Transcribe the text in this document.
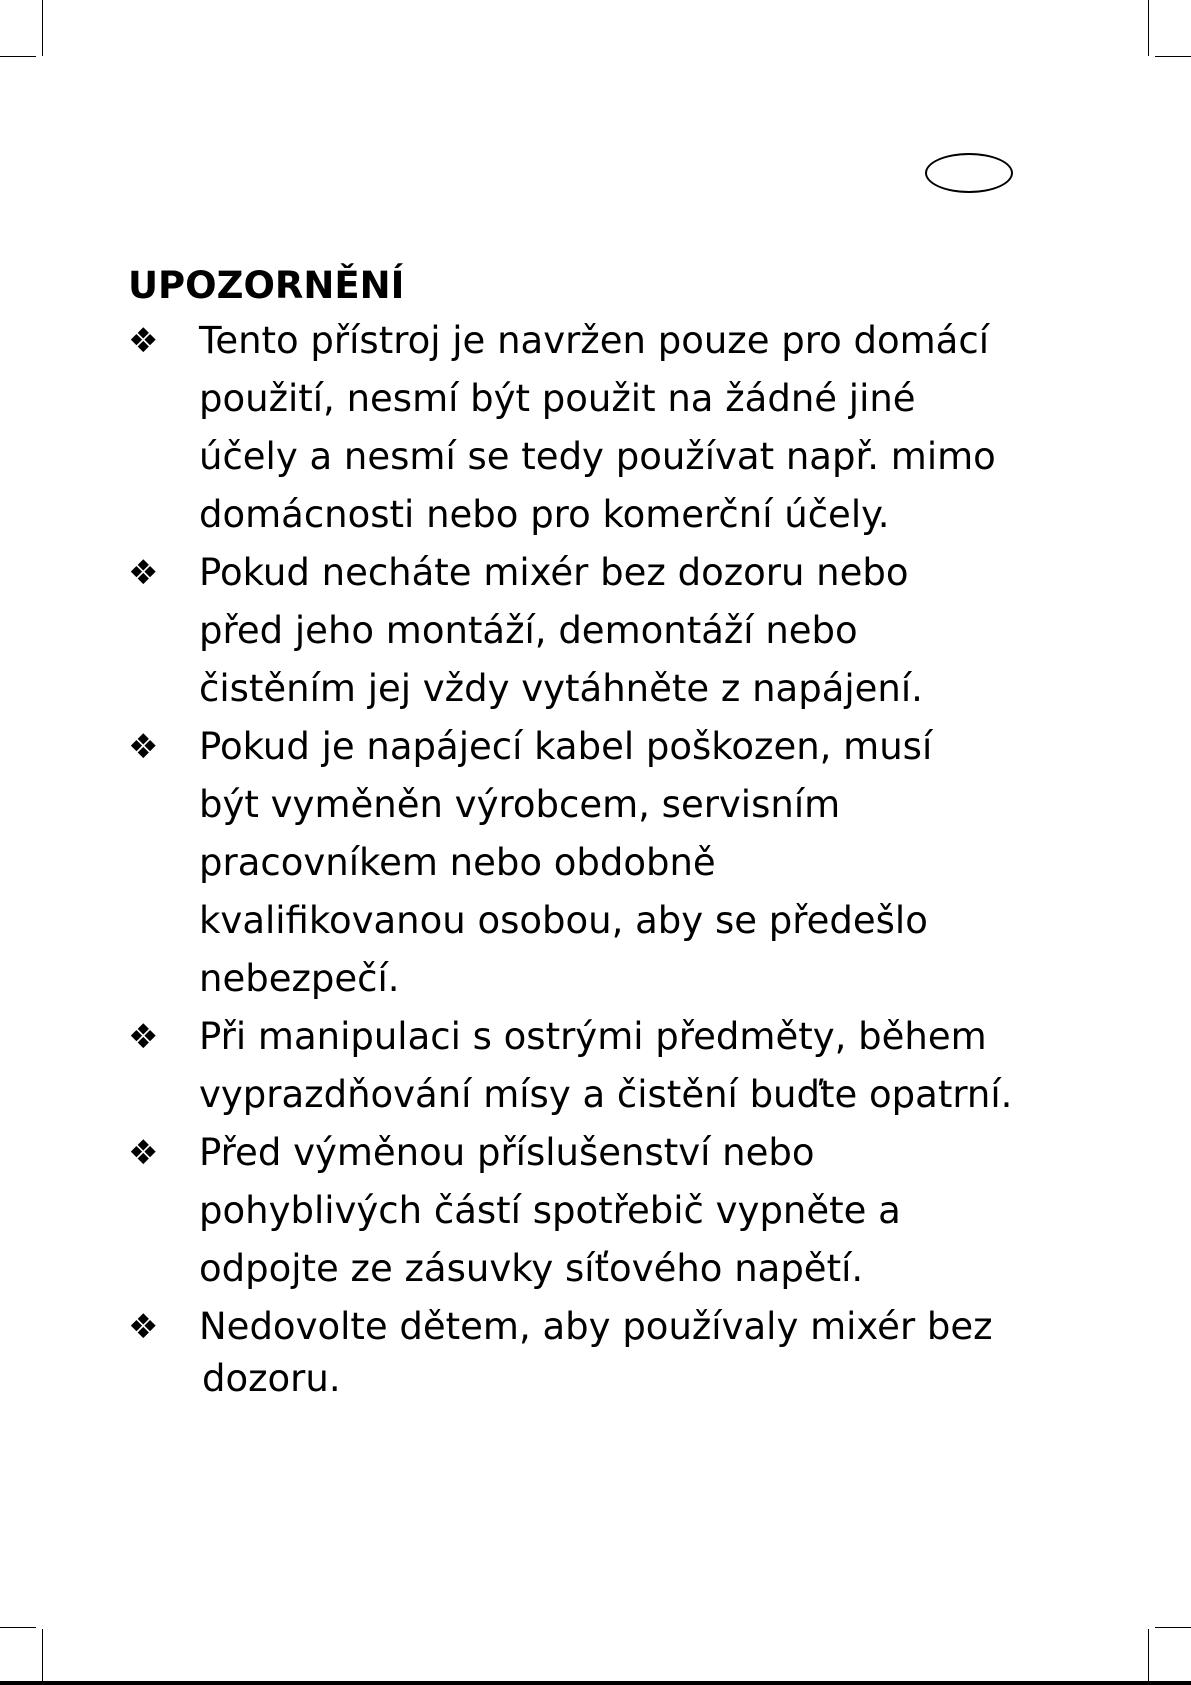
UPOZORNĚNÍ
❖ Tento přístroj je navržen pouze pro domácí
použití, nesmí být použit na žádné jiné
účely a nesmí se tedy používat např. mimo
domácnosti nebo pro komerční účely.
❖ Pokud necháte mixér bez dozoru nebo
před jeho montáží, demontáží nebo
čistěním jej vždy vytáhněte z napájení.
❖ Pokud je napájecí kabel poškozen, musí
být vyměněn výrobcem, servisním
pracovníkem nebo obdobně
kvalifikovanou osobou, aby se předešlo
nebezpečí.
❖ Při manipulaci s ostrými předměty, během
vyprazdňování mísy a čistění buďte opatrní.
❖ Před výměnou příslušenství nebo
pohyblivých částí spotřebič vypněte a
odpojte ze zásuvky síťového napětí.
❖ Nedovolte dětem, aby používaly mixér bez
dozoru.
